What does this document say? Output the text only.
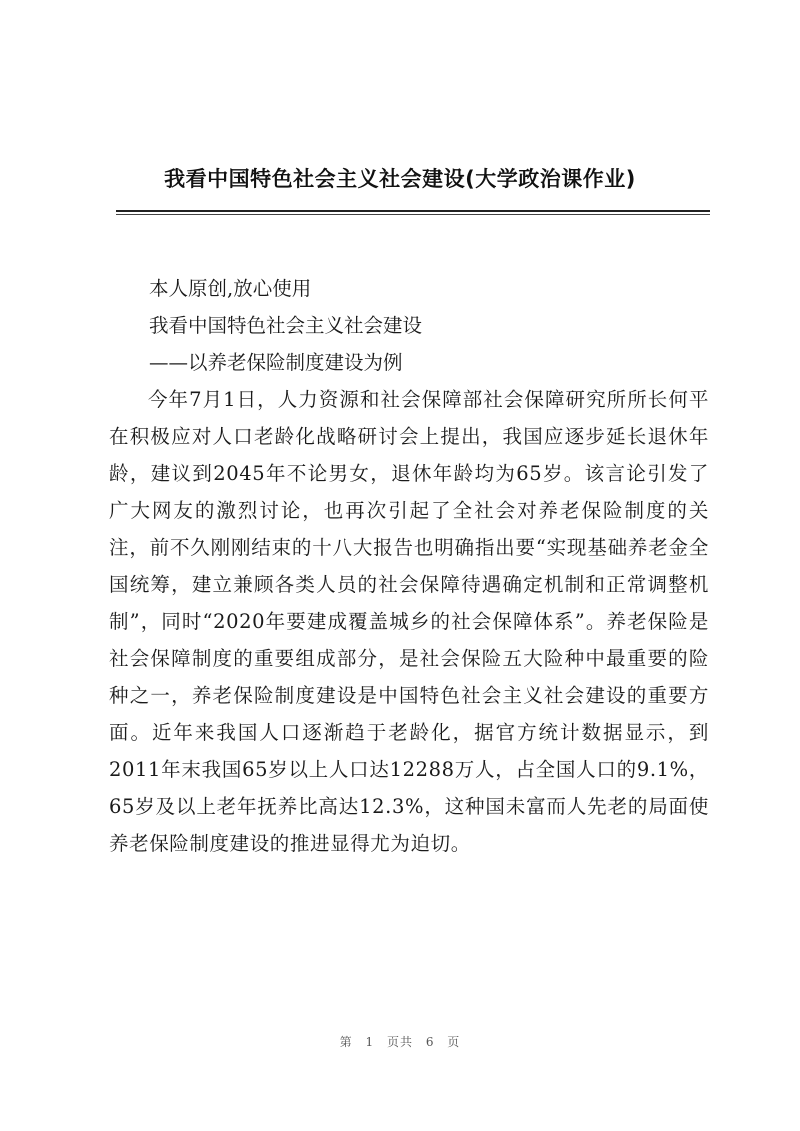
我看中国特色社会主义社会建设(大学政治课作业)
本人原创,放心使用
我看中国特色社会主义社会建设
——以养老保险制度建设为例
今年7月1日，人力资源和社会保障部社会保障研究所所长何平在积极应对人口老龄化战略研讨会上提出，我国应逐步延长退休年龄，建议到2045年不论男女，退休年龄均为65岁。该言论引发了广大网友的激烈讨论，也再次引起了全社会对养老保险制度的关注，前不久刚刚结束的十八大报告也明确指出要“实现基础养老金全国统筹，建立兼顾各类人员的社会保障待遇确定机制和正常调整机制”，同时“2020年要建成覆盖城乡的社会保障体系”。养老保险是社会保障制度的重要组成部分，是社会保险五大险种中最重要的险种之一，养老保险制度建设是中国特色社会主义社会建设的重要方面。近年来我国人口逐渐趋于老龄化，据官方统计数据显示，到2011年末我国65岁以上人口达12288万人，占全国人口的9.1%，65岁及以上老年抚养比高达12.3%，这种国未富而人先老的局面使养老保险制度建设的推进显得尤为迫切。
第 1 页共 6 页
